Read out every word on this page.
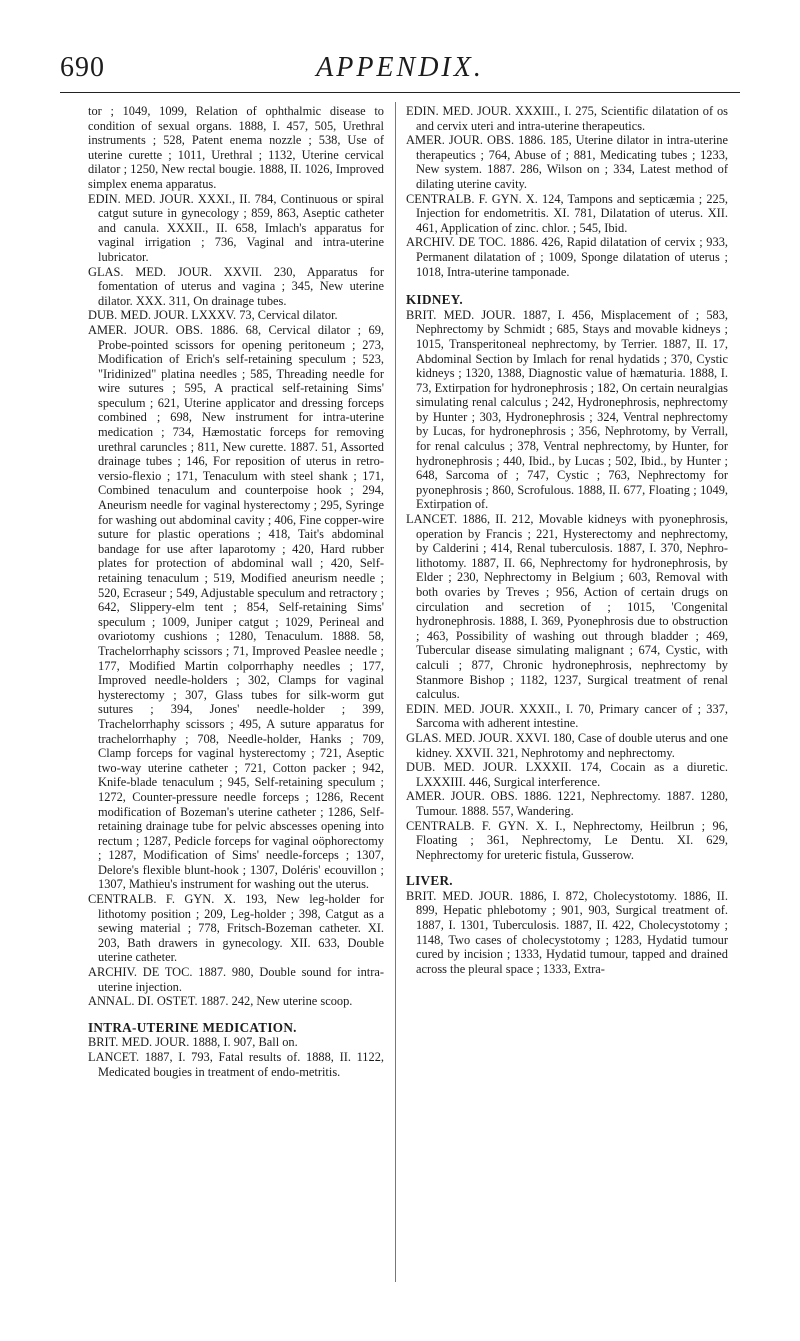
690	APPENDIX.

tor ; 1049, 1099, Relation of ophthalmic disease to condition of sexual organs. 1888, I. 457, 505, Urethral instruments ; 528, Patent enema nozzle ; 538, Use of uterine curette ; 1011, Urethral ; 1132, Uterine cervical dilator ; 1250, New rectal bougie. 1888, II. 1026, Improved simplex enema apparatus.

EDIN. MED. JOUR. XXXI., II. 784, Continuous or spiral catgut suture in gynecology ; 859, 863, Aseptic catheter and canula. XXXII., II. 658, Imlach's apparatus for vaginal irrigation ; 736, Vaginal and intra-uterine lubricator.

GLAS. MED. JOUR. XXVII. 230, Apparatus for fomentation of uterus and vagina ; 345, New uterine dilator. XXX. 311, On drainage tubes.

DUB. MED. JOUR. LXXXV. 73, Cervical dilator.

AMER. JOUR. OBS. 1886. 68, Cervical dilator ; 69, Probe-pointed scissors for opening peritoneum ; 273, Modification of Erich's self-retaining speculum ; 523, "Iridinized" platina needles ; 585, Threading needle for wire sutures ; 595, A practical self-retaining Sims' speculum ; 621, Uterine applicator and dressing forceps combined ; 698, New instrument for intra-uterine medication ; 734, Hæmostatic forceps for removing urethral caruncles ; 811, New curette. 1887. 51, Assorted drainage tubes ; 146, For reposition of uterus in retro-versio-flexio ; 171, Tenaculum with steel shank ; 171, Combined tenaculum and counterpoise hook ; 294, Aneurism needle for vaginal hysterectomy ; 295, Syringe for washing out abdominal cavity ; 406, Fine copper-wire suture for plastic operations ; 418, Tait's abdominal bandage for use after laparotomy ; 420, Hard rubber plates for protection of abdominal wall ; 420, Self-retaining tenaculum ; 519, Modified aneurism needle ; 520, Ecraseur ; 549, Adjustable speculum and retractory ; 642, Slippery-elm tent ; 854, Self-retaining Sims' speculum ; 1009, Juniper catgut ; 1029, Perineal and ovariotomy cushions ; 1280, Tenaculum. 1888. 58, Trachelorrhaphy scissors ; 71, Improved Peaslee needle ; 177, Modified Martin colporrhaphy needles ; 177, Improved needle-holders ; 302, Clamps for vaginal hysterectomy ; 307, Glass tubes for silk-worm gut sutures ; 394, Jones' needle-holder ; 399, Trachelorrhaphy scissors ; 495, A suture apparatus for trachelorrhaphy ; 708, Needle-holder, Hanks ; 709, Clamp forceps for vaginal hysterectomy ; 721, Aseptic two-way uterine catheter ; 721, Cotton packer ; 942, Knife-blade tenaculum ; 945, Self-retaining speculum ; 1272, Counter-pressure needle forceps ; 1286, Recent modification of Bozeman's uterine catheter ; 1286, Self-retaining drainage tube for pelvic abscesses opening into rectum ; 1287, Pedicle forceps for vaginal oöphorectomy ; 1287, Modification of Sims' needle-forceps ; 1307, Delore's flexible blunt-hook ; 1307, Doléris' ecouvillon ; 1307, Mathieu's instrument for washing out the uterus.

CENTRALB. F. GYN. X. 193, New leg-holder for lithotomy position ; 209, Leg-holder ; 398, Catgut as a sewing material ; 778, Fritsch-Bozeman catheter. XI. 203, Bath drawers in gynecology. XII. 633, Double uterine catheter.

ARCHIV. DE TOC. 1887. 980, Double sound for intra-uterine injection.

ANNAL. DI. OSTET. 1887. 242, New uterine scoop.

INTRA-UTERINE MEDICATION.

BRIT. MED. JOUR. 1888, I. 907, Ball on.

LANCET. 1887, I. 793, Fatal results of. 1888, II. 1122, Medicated bougies in treatment of endo-metritis.

EDIN. MED. JOUR. XXXIII., I. 275, Scientific dilatation of os and cervix uteri and intra-uterine therapeutics.

AMER. JOUR. OBS. 1886. 185, Uterine dilator in intra-uterine therapeutics ; 764, Abuse of ; 881, Medicating tubes ; 1233, New system. 1887. 286, Wilson on ; 334, Latest method of dilating uterine cavity.

CENTRALB. F. GYN. X. 124, Tampons and septicæmia ; 225, Injection for endometritis. XI. 781, Dilatation of uterus. XII. 461, Application of zinc. chlor. ; 545, Ibid.

ARCHIV. DE TOC. 1886. 426, Rapid dilatation of cervix ; 933, Permanent dilatation of ; 1009, Sponge dilatation of uterus ; 1018, Intra-uterine tamponade.

KIDNEY.

BRIT. MED. JOUR. 1887, I. 456, Misplacement of ; 583, Nephrectomy by Schmidt ; 685, Stays and movable kidneys ; 1015, Transperitoneal nephrectomy, by Terrier. 1887, II. 17, Abdominal Section by Imlach for renal hydatids ; 370, Cystic kidneys ; 1320, 1388, Diagnostic value of hæmaturia. 1888, I. 73, Extirpation for hydronephrosis ; 182, On certain neuralgias simulating renal calculus ; 242, Hydronephrosis, nephrectomy by Hunter ; 303, Hydronephrosis ; 324, Ventral nephrectomy by Lucas, for hydronephrosis ; 356, Nephrotomy, by Verrall, for renal calculus ; 378, Ventral nephrectomy, by Hunter, for hydronephrosis ; 440, Ibid., by Lucas ; 502, Ibid., by Hunter ; 648, Sarcoma of ; 747, Cystic ; 763, Nephrectomy for pyonephrosis ; 860, Scrofulous. 1888, II. 677, Floating ; 1049, Extirpation of.

LANCET. 1886, II. 212, Movable kidneys with pyonephrosis, operation by Francis ; 221, Hysterectomy and nephrectomy, by Calderini ; 414, Renal tuberculosis. 1887, I. 370, Nephro-lithotomy. 1887, II. 66, Nephrectomy for hydronephrosis, by Elder ; 230, Nephrectomy in Belgium ; 603, Removal with both ovaries by Treves ; 956, Action of certain drugs on circulation and secretion of ; 1015, 'Congenital hydronephrosis. 1888, I. 369, Pyonephrosis due to obstruction ; 463, Possibility of washing out through bladder ; 469, Tubercular disease simulating malignant ; 674, Cystic, with calculi ; 877, Chronic hydronephrosis, nephrectomy by Stanmore Bishop ; 1182, 1237, Surgical treatment of renal calculus.

EDIN. MED. JOUR. XXXII., I. 70, Primary cancer of ; 337, Sarcoma with adherent intestine.

GLAS. MED. JOUR. XXVI. 180, Case of double uterus and one kidney. XXVII. 321, Nephrotomy and nephrectomy.

DUB. MED. JOUR. LXXXII. 174, Cocain as a diuretic. LXXXIII. 446, Surgical interference.

AMER. JOUR. OBS. 1886. 1221, Nephrectomy. 1887. 1280, Tumour. 1888. 557, Wandering.

CENTRALB. F. GYN. X. I., Nephrectomy, Heilbrun ; 96, Floating ; 361, Nephrectomy, Le Dentu. XI. 629, Nephrectomy for ureteric fistula, Gusserow.

LIVER.

BRIT. MED. JOUR. 1886, I. 872, Cholecystotomy. 1886, II. 899, Hepatic phlebotomy ; 901, 903, Surgical treatment of. 1887, I. 1301, Tuberculosis. 1887, II. 422, Cholecystotomy ; 1148, Two cases of cholecystotomy ; 1283, Hydatid tumour cured by incision ; 1333, Hydatid tumour, tapped and drained across the pleural space ; 1333, Extra-
